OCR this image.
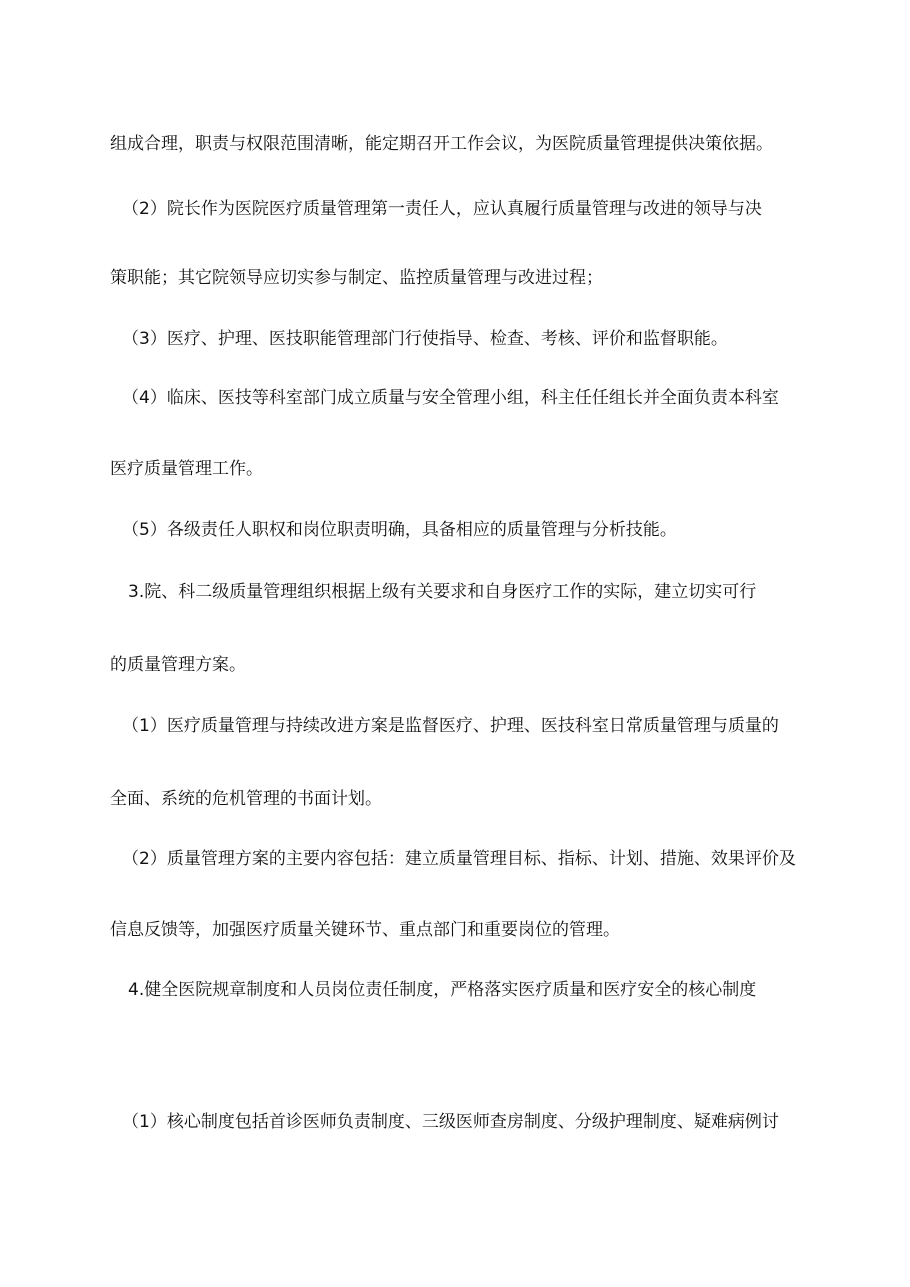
组成合理，职责与权限范围清晰，能定期召开工作会议，为医院质量管理提供决策依据。
（2）院长作为医院医疗质量管理第一责任人，应认真履行质量管理与改进的领导与决
策职能；其它院领导应切实参与制定、监控质量管理与改进过程；
（3）医疗、护理、医技职能管理部门行使指导、检查、考核、评价和监督职能。
（4）临床、医技等科室部门成立质量与安全管理小组，科主任任组长并全面负责本科室
医疗质量管理工作。
（5）各级责任人职权和岗位职责明确，具备相应的质量管理与分析技能。
3.院、科二级质量管理组织根据上级有关要求和自身医疗工作的实际，建立切实可行
的质量管理方案。
（1）医疗质量管理与持续改进方案是监督医疗、护理、医技科室日常质量管理与质量的
全面、系统的危机管理的书面计划。
（2）质量管理方案的主要内容包括：建立质量管理目标、指标、计划、措施、效果评价及
信息反馈等，加强医疗质量关键环节、重点部门和重要岗位的管理。
4.健全医院规章制度和人员岗位责任制度，严格落实医疗质量和医疗安全的核心制度
（1）核心制度包括首诊医师负责制度、三级医师查房制度、分级护理制度、疑难病例讨
